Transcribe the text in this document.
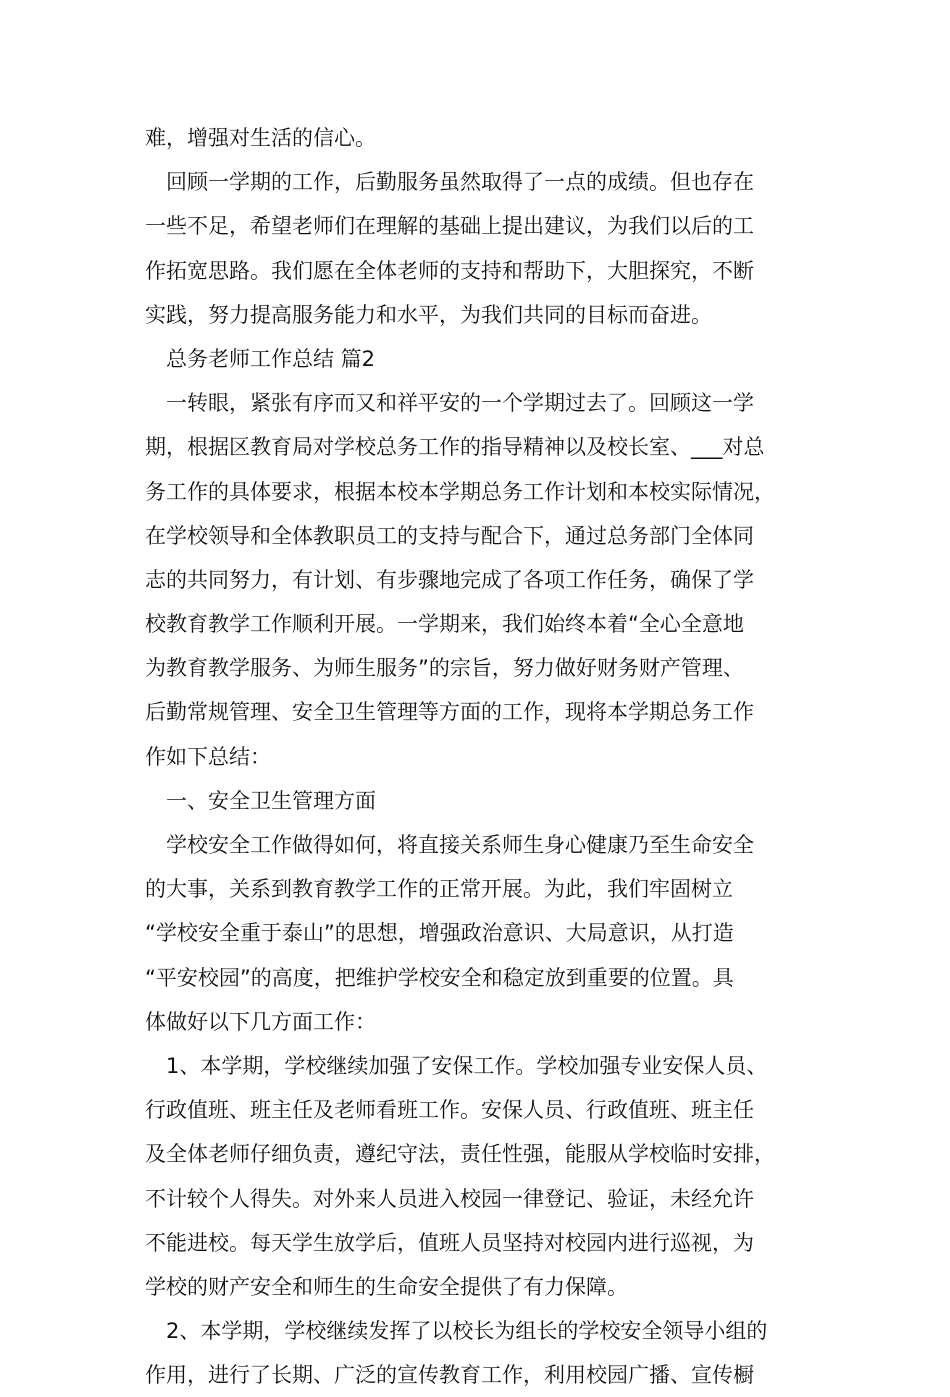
难，增强对生活的信心。
回顾一学期的工作，后勤服务虽然取得了一点的成绩。但也存在
一些不足，希望老师们在理解的基础上提出建议，为我们以后的工
作拓宽思路。我们愿在全体老师的支持和帮助下，大胆探究，不断
实践，努力提高服务能力和水平，为我们共同的目标而奋进。
总务老师工作总结 篇2
一转眼，紧张有序而又和祥平安的一个学期过去了。回顾这一学
期，根据区教育局对学校总务工作的指导精神以及校长室、___对总
务工作的具体要求，根据本校本学期总务工作计划和本校实际情况，
在学校领导和全体教职员工的支持与配合下，通过总务部门全体同
志的共同努力，有计划、有步骤地完成了各项工作任务，确保了学
校教育教学工作顺利开展。一学期来，我们始终本着“全心全意地
为教育教学服务、为师生服务”的宗旨，努力做好财务财产管理、
后勤常规管理、安全卫生管理等方面的工作，现将本学期总务工作
作如下总结：
一、安全卫生管理方面
学校安全工作做得如何，将直接关系师生身心健康乃至生命安全
的大事，关系到教育教学工作的正常开展。为此，我们牢固树立
“学校安全重于泰山”的思想，增强政治意识、大局意识，从打造
“平安校园”的高度，把维护学校安全和稳定放到重要的位置。具
体做好以下几方面工作：
1、本学期，学校继续加强了安保工作。学校加强专业安保人员、
行政值班、班主任及老师看班工作。安保人员、行政值班、班主任
及全体老师仔细负责，遵纪守法，责任性强，能服从学校临时安排，
不计较个人得失。对外来人员进入校园一律登记、验证，未经允许
不能进校。每天学生放学后，值班人员坚持对校园内进行巡视，为
学校的财产安全和师生的生命安全提供了有力保障。
2、本学期，学校继续发挥了以校长为组长的学校安全领导小组的
作用，进行了长期、广泛的宣传教育工作，利用校园广播、宣传橱
